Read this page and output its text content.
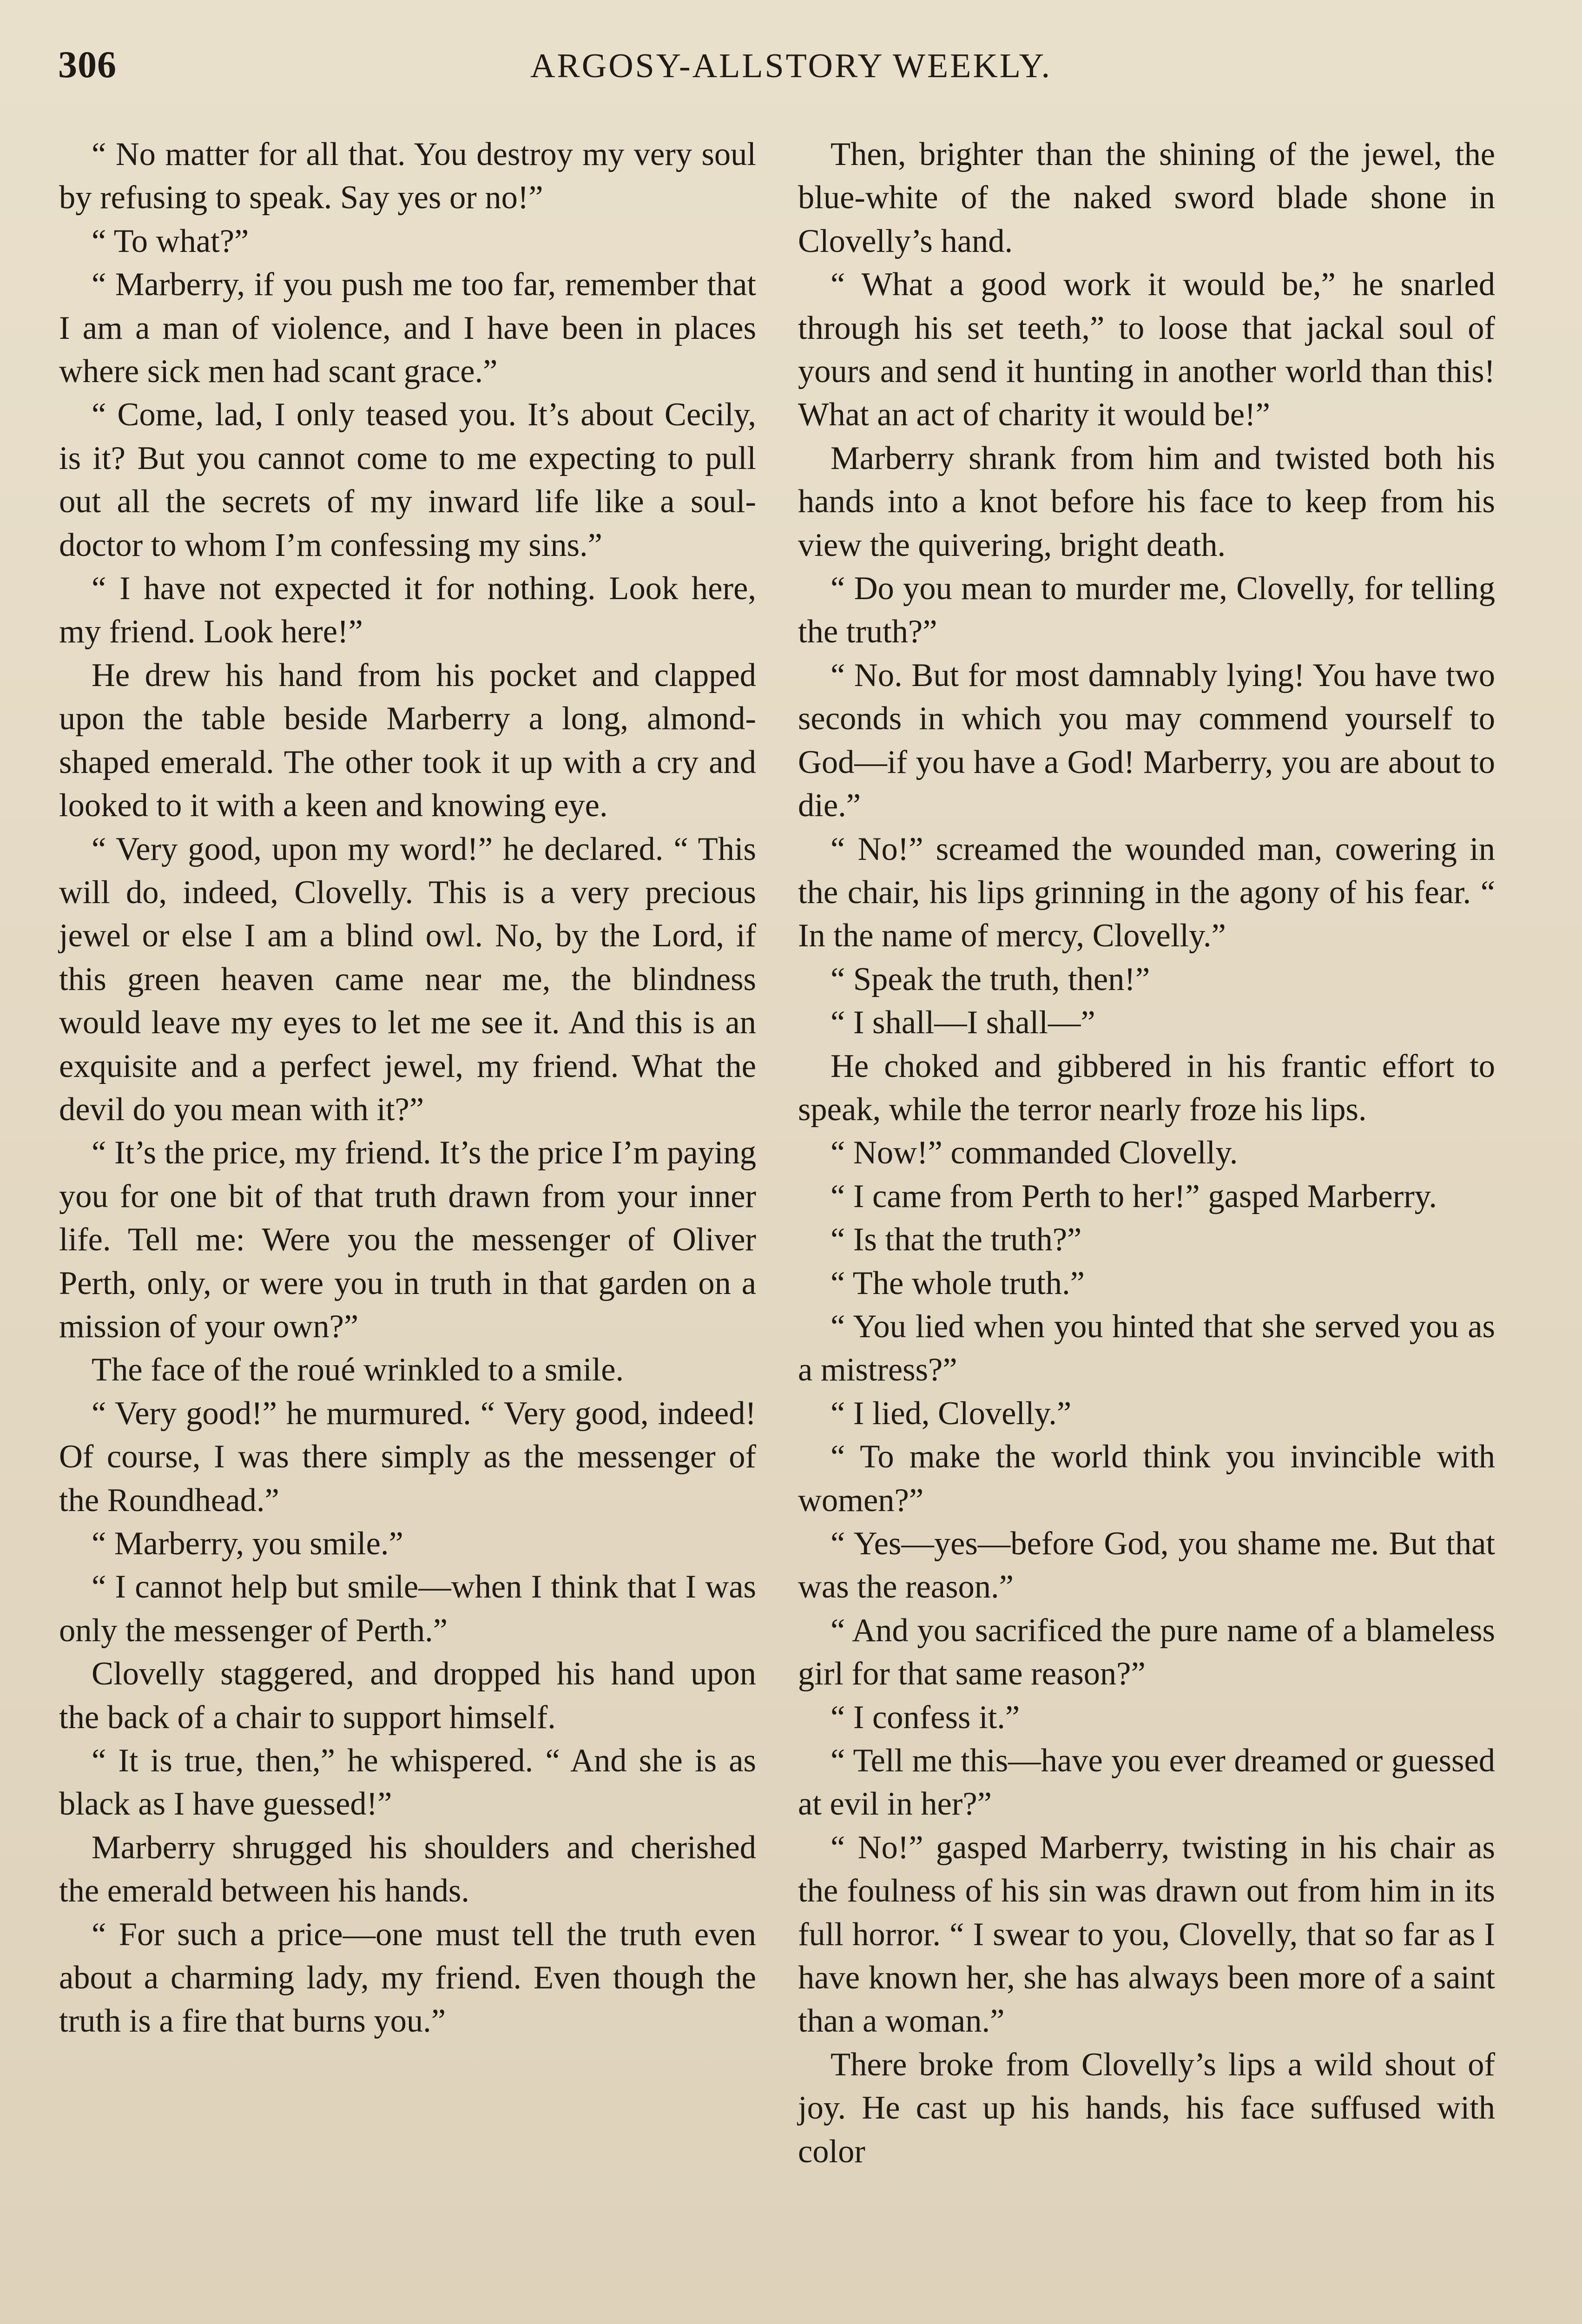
306	ARGOSY-ALLSTORY WEEKLY.

“ No matter for all that. You destroy my very soul by refusing to speak. Say yes or no!”

“ To what?”

“ Marberry, if you push me too far, remember that I am a man of violence, and I have been in places where sick men had scant grace.”

“ Come, lad, I only teased you. It’s about Cecily, is it? But you cannot come to me expecting to pull out all the secrets of my inward life like a soul-doctor to whom I’m confessing my sins.”

“ I have not expected it for nothing. Look here, my friend. Look here!”

He drew his hand from his pocket and clapped upon the table beside Marberry a long, almond-shaped emerald. The other took it up with a cry and looked to it with a keen and knowing eye.

“ Very good, upon my word!” he declared. “ This will do, indeed, Clovelly. This is a very precious jewel or else I am a blind owl. No, by the Lord, if this green heaven came near me, the blindness would leave my eyes to let me see it. And this is an exquisite and a perfect jewel, my friend. What the devil do you mean with it?”

“ It’s the price, my friend. It’s the price I’m paying you for one bit of that truth drawn from your inner life. Tell me: Were you the messenger of Oliver Perth, only, or were you in truth in that garden on a mission of your own?”

The face of the roué wrinkled to a smile.

“ Very good!” he murmured. “ Very good, indeed! Of course, I was there simply as the messenger of the Roundhead.”

“ Marberry, you smile.”

“ I cannot help but smile—when I think that I was only the messenger of Perth.”

Clovelly staggered, and dropped his hand upon the back of a chair to support himself.

“ It is true, then,” he whispered. “ And she is as black as I have guessed!”

Marberry shrugged his shoulders and cherished the emerald between his hands.

“ For such a price—one must tell the truth even about a charming lady, my friend. Even though the truth is a fire that burns you.”

Then, brighter than the shining of the jewel, the blue-white of the naked sword blade shone in Clovelly’s hand.

“ What a good work it would be,” he snarled through his set teeth,” to loose that jackal soul of yours and send it hunting in another world than this! What an act of charity it would be!”

Marberry shrank from him and twisted both his hands into a knot before his face to keep from his view the quivering, bright death.

“ Do you mean to murder me, Clovelly, for telling the truth?”

“ No. But for most damnably lying! You have two seconds in which you may commend yourself to God—if you have a God! Marberry, you are about to die.”

“ No!” screamed the wounded man, cowering in the chair, his lips grinning in the agony of his fear. “ In the name of mercy, Clovelly.”

“ Speak the truth, then!”

“ I shall—I shall—”

He choked and gibbered in his frantic effort to speak, while the terror nearly froze his lips.

“ Now!” commanded Clovelly.

“ I came from Perth to her!” gasped Marberry.

“ Is that the truth?”

“ The whole truth.”

“ You lied when you hinted that she served you as a mistress?”

“ I lied, Clovelly.”

“ To make the world think you invincible with women?”

“ Yes—yes—before God, you shame me. But that was the reason.”

“ And you sacrificed the pure name of a blameless girl for that same reason?”

“ I confess it.”

“ Tell me this—have you ever dreamed or guessed at evil in her?”

“ No!” gasped Marberry, twisting in his chair as the foulness of his sin was drawn out from him in its full horror. “ I swear to you, Clovelly, that so far as I have known her, she has always been more of a saint than a woman.”

There broke from Clovelly’s lips a wild shout of joy. He cast up his hands, his face suffused with color
